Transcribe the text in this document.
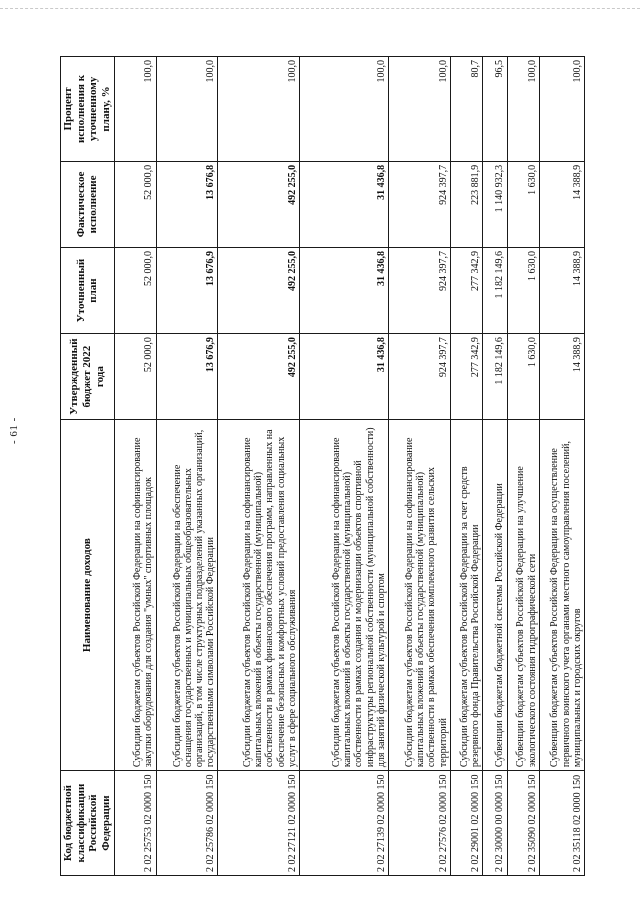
- 61 -
Код бюджетной классификации Российской Федерации	Наименование доходов	Утвержденный бюджет 2022 года	Уточненный план	Фактическое исполнение	Процент исполнения к уточненному плану, %
2 02 25753 02 0000 150	Субсидии бюджетам субъектов Российской Федерации на софинансирование закупки оборудования для создания "умных" спортивных площадок	52 000,0	52 000,0	52 000,0	100,0
2 02 25786 02 0000 150	Субсидии бюджетам субъектов Российской Федерации на обеспечение оснащения государственных и муниципальных общеобразовательных организаций, в том числе структурных подразделений указанных организаций, государственными символами Российской Федерации	13 676,9	13 676,9	13 676,8	100,0
2 02 27121 02 0000 150	Субсидии бюджетам субъектов Российской Федерации на софинансирование капитальных вложений в объекты государственной (муниципальной) собственности в рамках финансового обеспечения программ, направленных на обеспечение безопасных и комфортных условий предоставления социальных услуг в сфере социального обслуживания	492 255,0	492 255,0	492 255,0	100,0
2 02 27139 02 0000 150	Субсидии бюджетам субъектов Российской Федерации на софинансирование капитальных вложений в объекты государственной (муниципальной) собственности в рамках создания и модернизации объектов спортивной инфраструктуры региональной собственности (муниципальной собственности) для занятий физической культурой и спортом	31 436,8	31 436,8	31 436,8	100,0
2 02 27576 02 0000 150	Субсидии бюджетам субъектов Российской Федерации на софинансирование капитальных вложений в объекты государственной (муниципальной) собственности в рамках обеспечения комплексного развития сельских территорий	924 397,7	924 397,7	924 397,7	100,0
2 02 29001 02 0000 150	Субсидии бюджетам субъектов Российской Федерации за счет средств резервного фонда Правительства Российской Федерации	277 342,9	277 342,9	223 881,9	80,7
2 02 30000 00 0000 150	Субвенции бюджетам бюджетной системы Российской Федерации	1 182 149,6	1 182 149,6	1 140 932,3	96,5
2 02 35090 02 0000 150	Субвенции бюджетам субъектов Российской Федерации на улучшение экологического состояния гидрографической сети	1 630,0	1 630,0	1 630,0	100,0
2 02 35118 02 0000 150	Субвенции бюджетам субъектов Российской Федерации на осуществление первичного воинского учета органами местного самоуправления поселений, муниципальных и городских округов	14 388,9	14 388,9	14 388,9	100,0
